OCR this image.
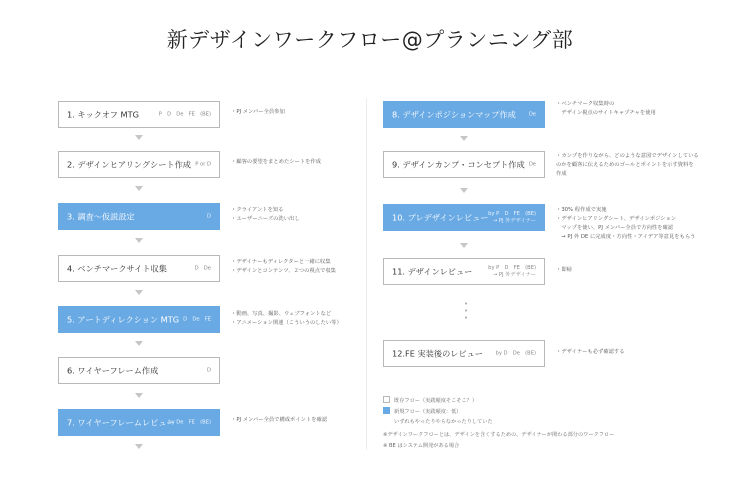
新デザインワークフロー@プランニング部
1. キックオフ MTG	P　D　De　FE　(BE)	・ PJ メンバー全員参加
2. デザインヒアリングシート作成 P or D	・ 顧客の要望をまとめたシートを作成
3. 調査〜仮説設定	D
・ クライアントを知る
・ ユーザーニーズの洗い出し
4. ベンチマークサイト収集	D　De
・ デザイナーもディレクターと一緒に収集
・ デザインとコンテンツ、２つの視点で収集
5. アートディレクション MTG D　De　FE
・ 動画、写真、撮影、ウェブフォントなど
・ アニメーション関連（こういうのしたい等）
6. ワイヤーフレーム作成	D
7. ワイヤーフレームレビュー
by De　FE　(BE)	・ PJ メンバー全員で構成ポイントを確認
8. デザインポジションマップ作成	De
・ ベンチマーク収集時の
　デザイン視点のサイトキャプチャを使用
9. デザインカンプ・コンセプト作成 De
・ カンプを作りながら、どのような意図でデザインしている
のかを顧客に伝えるためのゴールとポイントを示す資料を
作成
10. プレデザインレビュー by P　D　FE　(BE)
→ PJ 外デザイナー
・ 30% 程作成で実施
・ デザインヒアリングシート、デザインポジション
　マップを使い、PJ メンバー全員で方向性を確認
　→ PJ 外 DE に完成度・方向性・アイデア等意見をもらう
11. デザインレビュー	by P　D　FE　(BE)
→ PJ 外デザイナー
・ 即帰
•
•
•
12.FE 実装後のレビュー by D　De　(BE)	・ デザイナーも必ず確認する
既存フロー（実践頻度そこそこ？）
新規フロー（実践頻度：低）
いずれもやったりやらなかったりしていた
※デザインワークフローとは、デザインを含くするための、デザイナーが関わる部分のワークフロー
※ BE はシステム開発がある場合
